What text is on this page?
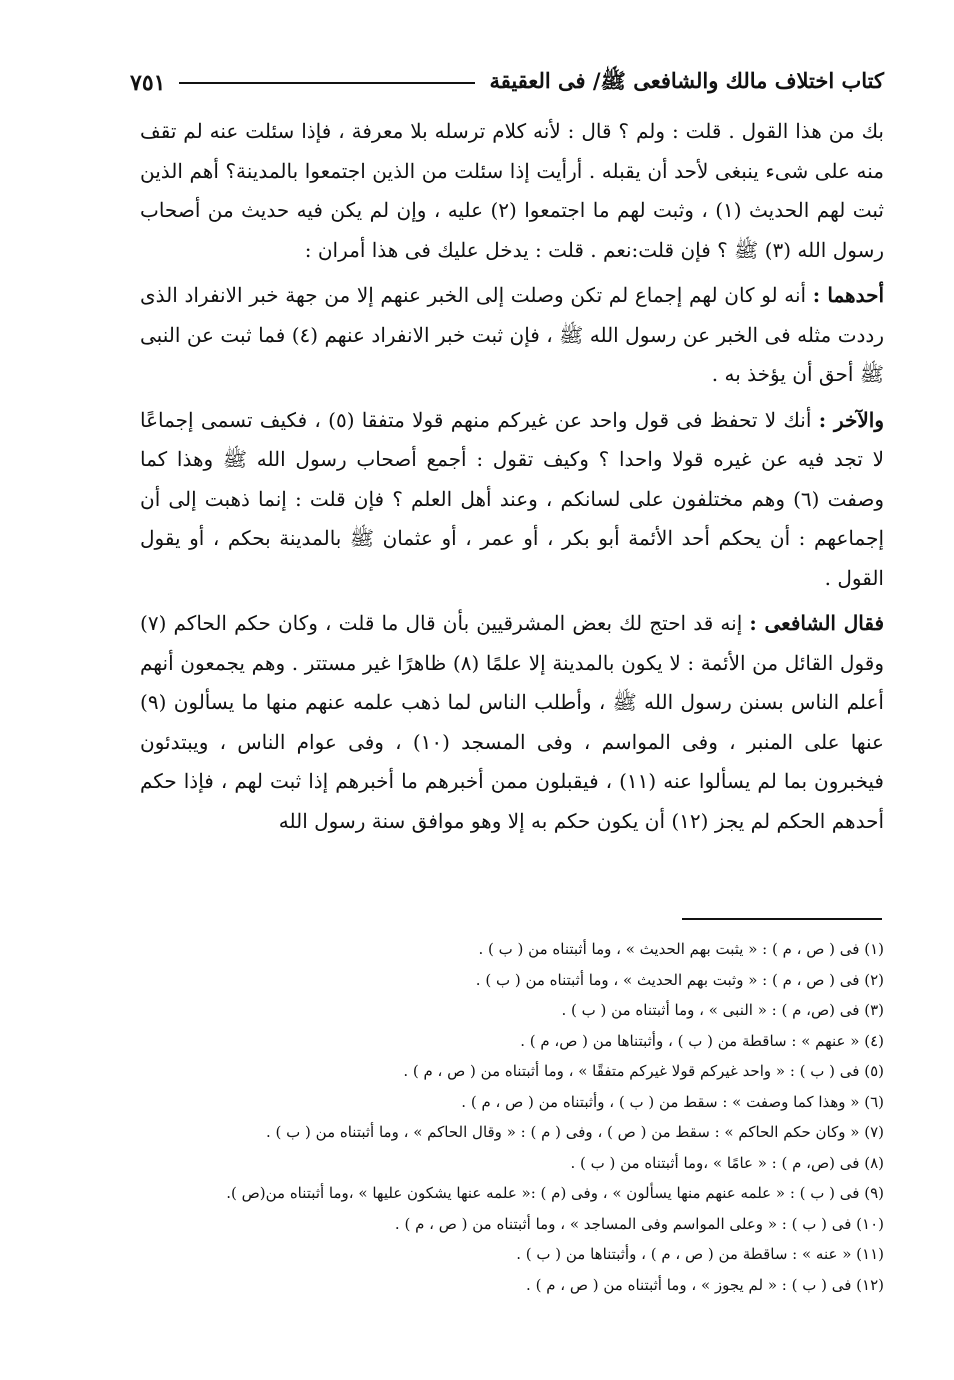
كتاب اختلاف مالك والشافعى ﷺ/ فى العقيقة
٧٥١

بك من هذا القول . قلت : ولم ؟ قال : لأنه كلام ترسله بلا معرفة ، فإذا سئلت عنه لم تقف منه على شىء ينبغى لأحد أن يقبله . أرأيت إذا سئلت من الذين اجتمعوا بالمدينة؟ أهم الذين ثبت لهم الحديث (١) ، وثبت لهم ما اجتمعوا (٢) عليه ، وإن لم يكن فيه حديث من أصحاب رسول الله (٣) ﷺ ؟ فإن قلت:نعم . قلت : يدخل عليك فى هذا أمران :

أحدهما : أنه لو كان لهم إجماع لم تكن وصلت إلى الخبر عنهم إلا من جهة خبر الانفراد الذى رددت مثله فى الخبر عن رسول الله ﷺ ، فإن ثبت خبر الانفراد عنهم (٤) فما ثبت عن النبى ﷺ أحق أن يؤخذ به .

والآخر : أنك لا تحفظ فى قول واحد عن غيركم منهم قولا متفقا (٥) ، فكيف تسمى إجماعًا لا تجد فيه عن غيره قولا واحدا ؟ وكيف تقول : أجمع أصحاب رسول الله ﷺ وهذا كما وصفت (٦) وهم مختلفون على لسانكم ، وعند أهل العلم ؟ فإن قلت : إنما ذهبت إلى أن إجماعهم : أن يحكم أحد الأئمة أبو بكر ، أو عمر ، أو عثمان ﷺ بالمدينة بحكم ، أو يقول القول .

فقال الشافعى : إنه قد احتج لك بعض المشرقيين بأن قال ما قلت ، وكان حكم الحاكم (٧) وقول القائل من الأئمة : لا يكون بالمدينة إلا علمًا (٨) ظاهرًا غير مستتر . وهم يجمعون أنهم أعلم الناس بسنن رسول الله ﷺ ، وأطلب الناس لما ذهب علمه عنهم منها ما يسألون (٩) عنها على المنبر ، وفى المواسم ، وفى المسجد (١٠) ، وفى عوام الناس ، ويبتدئون فيخبرون بما لم يسألوا عنه (١١) ، فيقبلون ممن أخبرهم ما أخبرهم إذا ثبت لهم ، فإذا حكم أحدهم الحكم لم يجز (١٢) أن يكون حكم به إلا وهو موافق سنة رسول الله

(١) فى ( ص ، م ) : « يثبت بهم الحديث » ، وما أثبتناه من ( ب ) .
(٢) فى ( ص ، م ) : « وثبت بهم الحديث » ، وما أثبتناه من ( ب ) .
(٣) فى (ص، م ) : « النبى » ، وما أثبتناه من ( ب ) .
(٤) « عنهم » : ساقطة من ( ب ) ، وأثبتناها من ( ص، م ) .
(٥) فى ( ب ) : « واحد غيركم قولا غيركم متفقًا » ، وما أثبتناه من ( ص ، م ) .
(٦) « وهذا كما وصفت » : سقط من ( ب ) ، وأثبتناه من ( ص ، م ) .
(٧) « وكان حكم الحاكم » : سقط من ( ص ) ، وفى ( م ) : « وقال الحاكم » ، وما أثبتناه من ( ب ) .
(٨) فى (ص، م ) : « عامًا » ،وما أثبتناه من ( ب ) .
(٩) فى ( ب ) : « علمه عنهم منها يسألون » ، وفى (م ) :« علمه عنها يشكون عليها » ،وما أثبتناه من(ص ).
(١٠) فى ( ب ) : « وعلى المواسم وفى المساجد » ، وما أثبتناه من ( ص ، م ) .
(١١) « عنه » : ساقطة من ( ص ، م ) ، وأثبتناها من ( ب ) .
(١٢) فى ( ب ) : « لم يجوز » ، وما أثبتناه من ( ص ، م ) .
